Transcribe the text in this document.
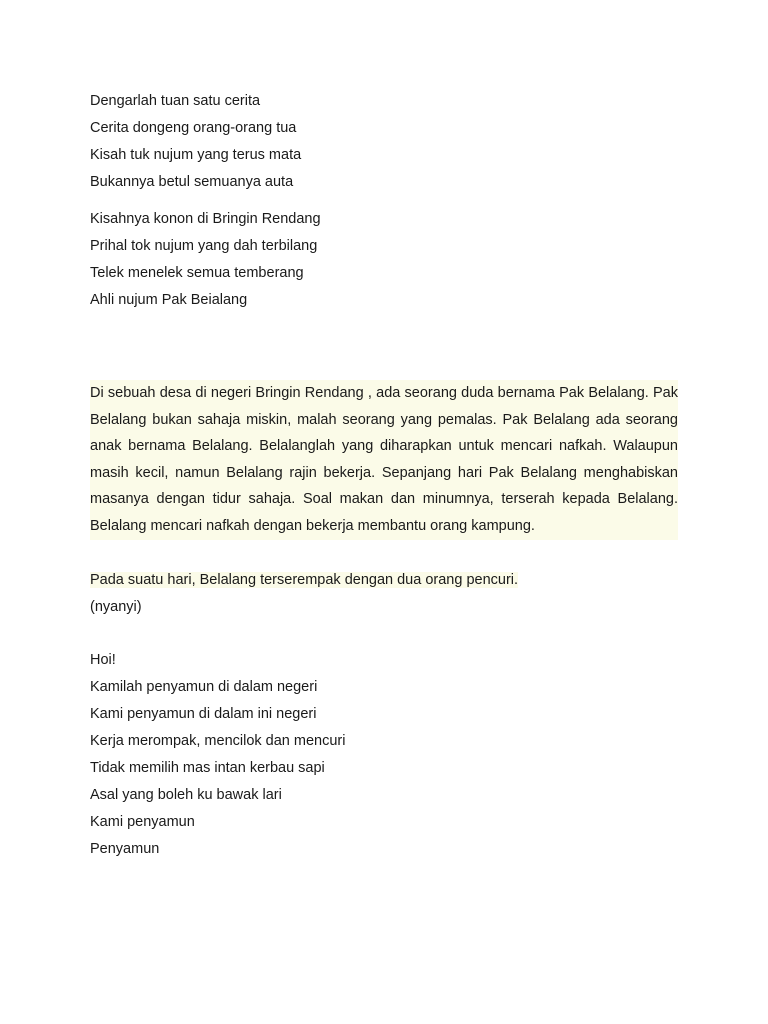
Dengarlah tuan satu cerita
Cerita dongeng orang-orang tua
Kisah tuk nujum yang terus mata
Bukannya betul semuanya auta
Kisahnya konon di Bringin Rendang
Prihal tok nujum yang dah terbilang
Telek menelek semua temberang
Ahli nujum Pak Beialang
Di sebuah desa di negeri Bringin Rendang , ada seorang duda bernama Pak Belalang. Pak Belalang bukan sahaja miskin, malah seorang yang pemalas. Pak Belalang ada seorang anak bernama Belalang. Belalanglah yang diharapkan untuk mencari nafkah. Walaupun masih kecil, namun Belalang rajin bekerja. Sepanjang hari Pak Belalang menghabiskan masanya dengan tidur sahaja. Soal makan dan minumnya, terserah kepada Belalang. Belalang mencari nafkah dengan bekerja membantu orang kampung.
Pada suatu hari, Belalang terserempak dengan dua orang pencuri.
(nyanyi)
Hoi!
Kamilah penyamun di dalam negeri
Kami penyamun di dalam ini negeri
Kerja merompak, mencilok dan mencuri
Tidak memilih mas intan kerbau sapi
Asal yang boleh ku bawak lari
Kami penyamun
Penyamun
